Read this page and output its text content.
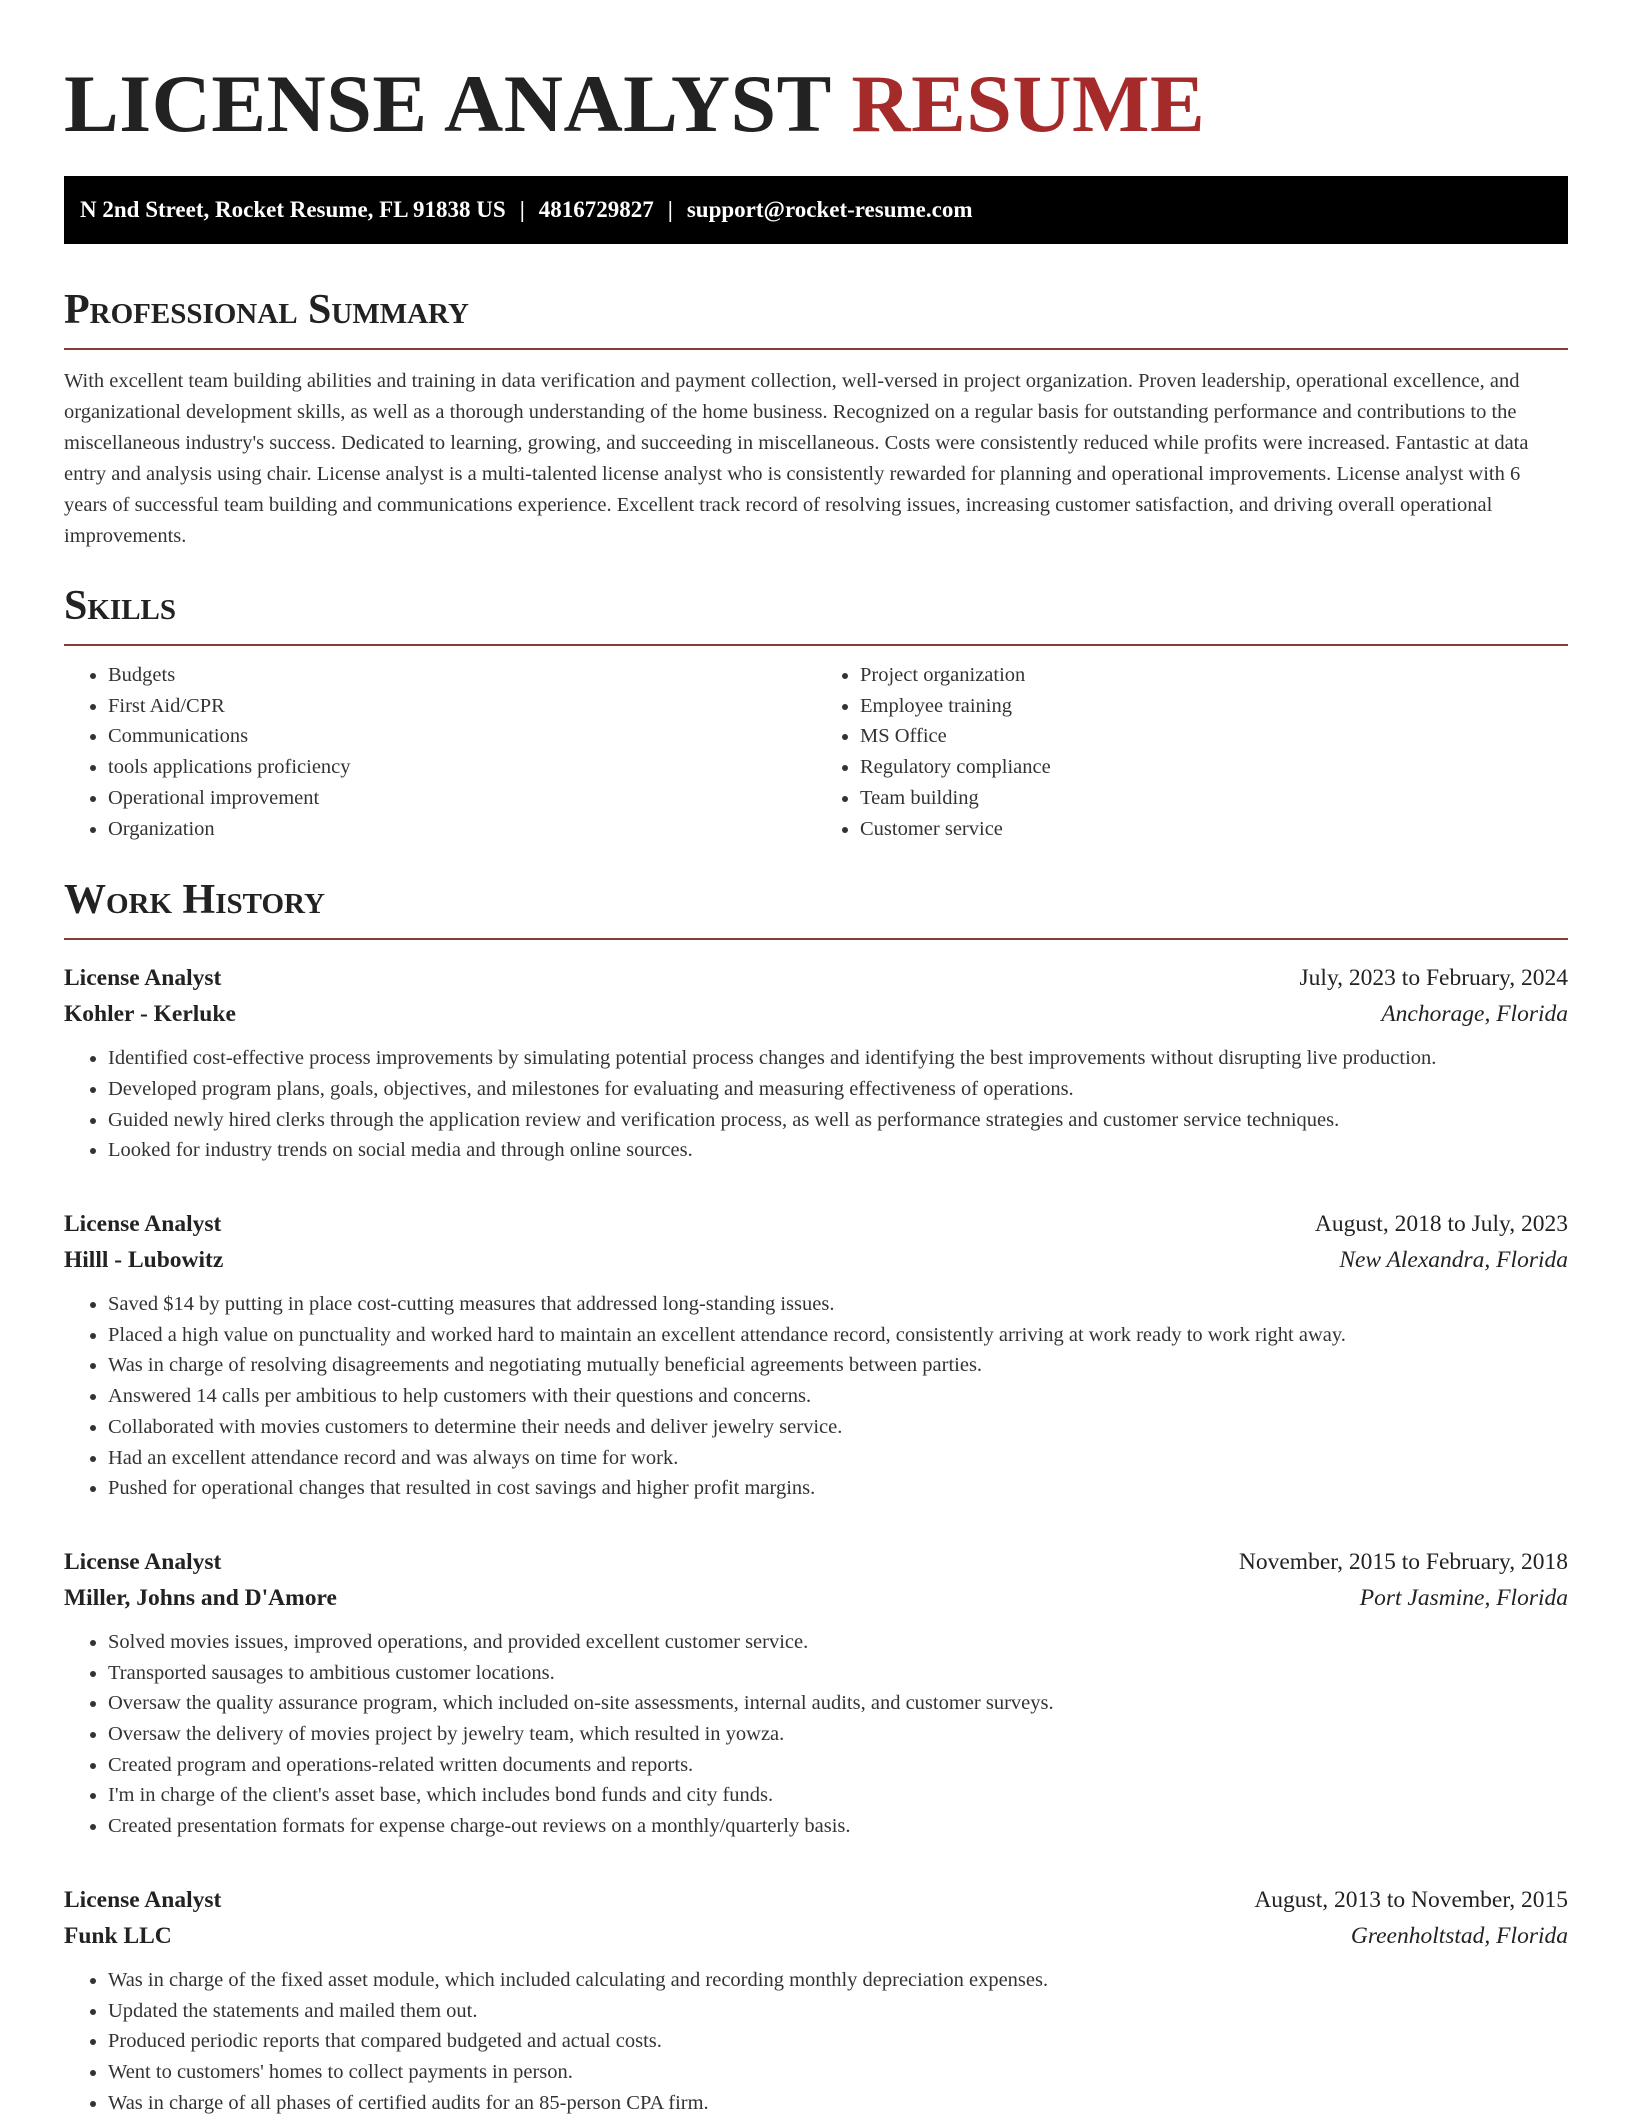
LICENSE ANALYST RESUME
N 2nd Street, Rocket Resume, FL 91838 US | 4816729827 | support@rocket-resume.com
Professional Summary

With excellent team building abilities and training in data verification and payment collection, well-versed in project organization. Proven leadership, operational excellence, and organizational development skills, as well as a thorough understanding of the home business. Recognized on a regular basis for outstanding performance and contributions to the miscellaneous industry's success. Dedicated to learning, growing, and succeeding in miscellaneous. Costs were consistently reduced while profits were increased. Fantastic at data entry and analysis using chair. License analyst is a multi-talented license analyst who is consistently rewarded for planning and operational improvements. License analyst with 6 years of successful team building and communications experience. Excellent track record of resolving issues, increasing customer satisfaction, and driving overall operational improvements.

Skills
• Budgets
• First Aid/CPR
• Communications
• tools applications proficiency
• Operational improvement
• Organization
• Project organization
• Employee training
• MS Office
• Regulatory compliance
• Team building
• Customer service
Work History
License Analyst	July, 2023 to February, 2024
Kohler - Kerluke	Anchorage, Florida
• Identified cost-effective process improvements by simulating potential process changes and identifying the best improvements without disrupting live production.
• Developed program plans, goals, objectives, and milestones for evaluating and measuring effectiveness of operations.
• Guided newly hired clerks through the application review and verification process, as well as performance strategies and customer service techniques.
• Looked for industry trends on social media and through online sources.
License Analyst	August, 2018 to July, 2023
Hilll - Lubowitz	New Alexandra, Florida
• Saved $14 by putting in place cost-cutting measures that addressed long-standing issues.
• Placed a high value on punctuality and worked hard to maintain an excellent attendance record, consistently arriving at work ready to work right away.
• Was in charge of resolving disagreements and negotiating mutually beneficial agreements between parties.
• Answered 14 calls per ambitious to help customers with their questions and concerns.
• Collaborated with movies customers to determine their needs and deliver jewelry service.
• Had an excellent attendance record and was always on time for work.
• Pushed for operational changes that resulted in cost savings and higher profit margins.
License Analyst	November, 2015 to February, 2018
Miller, Johns and D'Amore	Port Jasmine, Florida
• Solved movies issues, improved operations, and provided excellent customer service.
• Transported sausages to ambitious customer locations.
• Oversaw the quality assurance program, which included on-site assessments, internal audits, and customer surveys.
• Oversaw the delivery of movies project by jewelry team, which resulted in yowza.
• Created program and operations-related written documents and reports.
• I'm in charge of the client's asset base, which includes bond funds and city funds.
• Created presentation formats for expense charge-out reviews on a monthly/quarterly basis.
License Analyst	August, 2013 to November, 2015
Funk LLC	Greenholtstad, Florida
• Was in charge of the fixed asset module, which included calculating and recording monthly depreciation expenses.
• Updated the statements and mailed them out.
• Produced periodic reports that compared budgeted and actual costs.
• Went to customers' homes to collect payments in person.
• Was in charge of all phases of certified audits for an 85-person CPA firm.
